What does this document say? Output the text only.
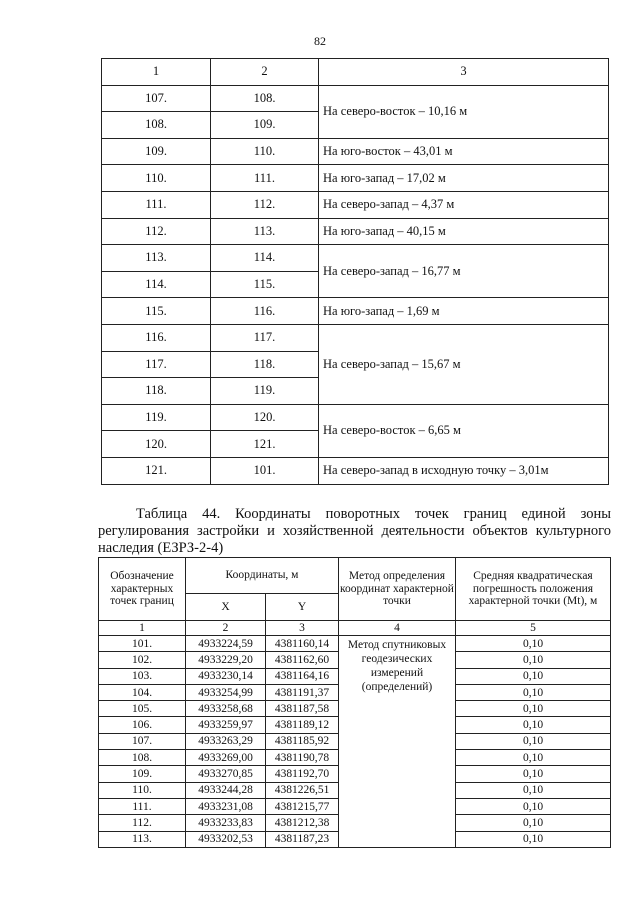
82
1	2	3
107.	108.	На северо-восток – 10,16 м
108.	109.	
109.	110.	На юго-восток – 43,01 м
110.	111.	На юго-запад – 17,02 м
111.	112.	На северо-запад – 4,37 м
112.	113.	На юго-запад – 40,15 м
113.	114.	На северо-запад – 16,77 м
114.	115.	
115.	116.	На юго-запад – 1,69 м
116.	117.	На северо-запад – 15,67 м
117.	118.	
118.	119.	
119.	120.	На северо-восток – 6,65 м
120.	121.	
121.	101.	На северо-запад в исходную точку – 3,01м
Таблица 44. Координаты поворотных точек границ единой зоны регулирования застройки и хозяйственной деятельности объектов культурного наследия (ЕЗРЗ-2-4)
Обозначение характерных точек границ	Координаты, м		Метод определения координат характерной точки	Средняя квадратическая погрешность положения характерной точки (Mt), м
	X	Y		
1	2	3	4	5
101.	4933224,59	4381160,14	Метод спутниковых геодезических измерений (определений)	0,10
102.	4933229,20	4381162,60		0,10
103.	4933230,14	4381164,16		0,10
104.	4933254,99	4381191,37		0,10
105.	4933258,68	4381187,58		0,10
106.	4933259,97	4381189,12		0,10
107.	4933263,29	4381185,92		0,10
108.	4933269,00	4381190,78		0,10
109.	4933270,85	4381192,70		0,10
110.	4933244,28	4381226,51		0,10
111.	4933231,08	4381215,77		0,10
112.	4933233,83	4381212,38		0,10
113.	4933202,53	4381187,23		0,10
